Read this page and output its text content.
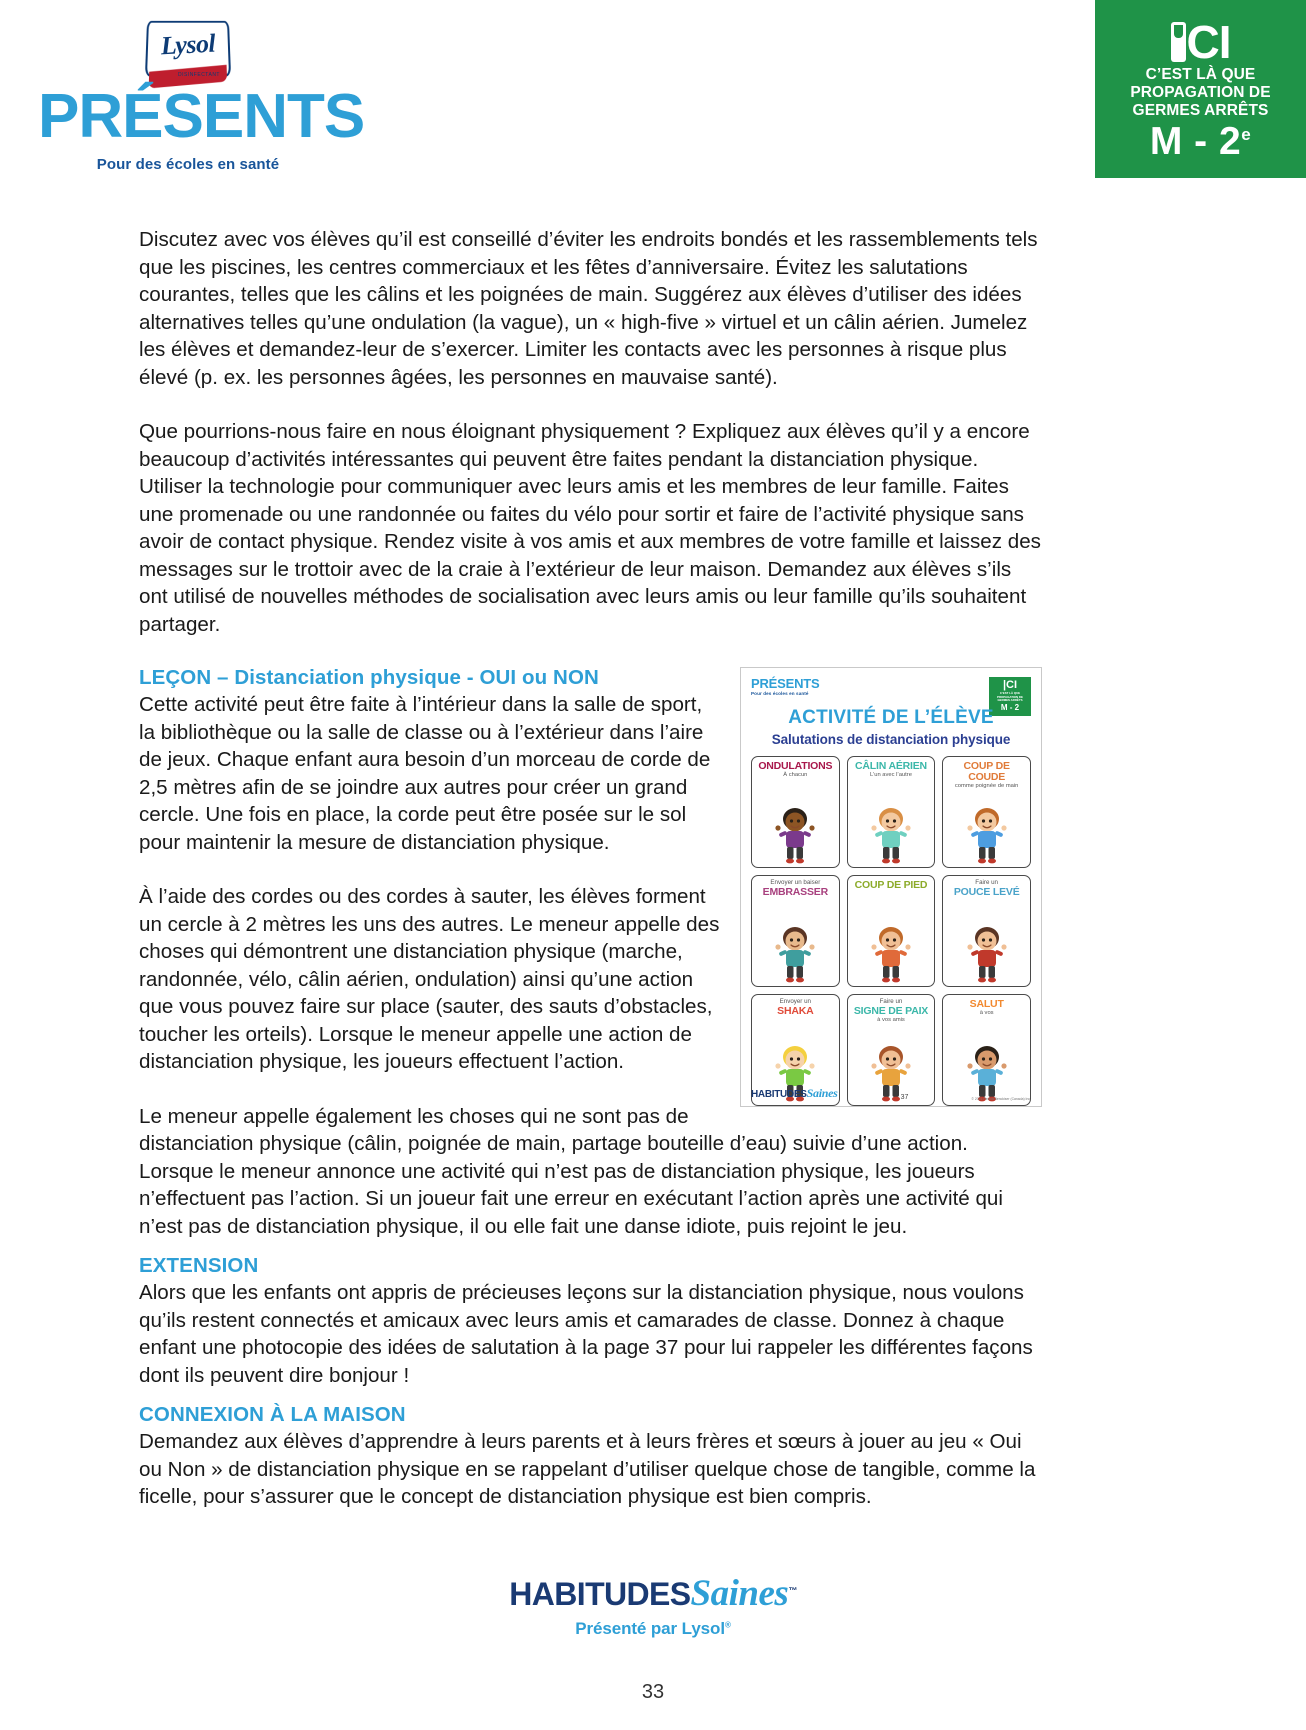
Lysol
DISINFECTANT
PRÉSENTS
Pour des écoles en santé
CI
C’EST LÀ QUE
PROPAGATION DE
GERMES ARRÊTS
M - 2e

Discutez avec vos élèves qu’il est conseillé d’éviter les endroits bondés et les rassemblements tels que les piscines, les centres commerciaux et les fêtes d’anniversaire. Évitez les salutations courantes, telles que les câlins et les poignées de main. Suggérez aux élèves d’utiliser des idées alternatives telles qu’une ondulation (la vague), un « high-five » virtuel et un câlin aérien. Jumelez les élèves et demandez-leur de s’exercer. Limiter les contacts avec les personnes à risque plus élevé (p. ex. les personnes âgées, les personnes en mauvaise santé).

Que pourrions-nous faire en nous éloignant physiquement ? Expliquez aux élèves qu’il y a encore beaucoup d’activités intéressantes qui peuvent être faites pendant la distanciation physique. Utiliser la technologie pour communiquer avec leurs amis et les membres de leur famille. Faites une promenade ou une randonnée ou faites du vélo pour sortir et faire de l’activité physique sans avoir de contact physique. Rendez visite à vos amis et aux membres de votre famille et laissez des messages sur le trottoir avec de la craie à l’extérieur de leur maison. Demandez aux élèves s’ils ont utilisé de nouvelles méthodes de socialisation avec leurs amis ou leur famille qu’ils souhaitent partager.

PRÉSENTS
Pour des écoles en santé
|CI
C’EST LÀ QUE
PROPAGATION DE
GERMES ARRÊTS
M - 2
ACTIVITÉ DE L’ÉLÈVE
Salutations de distanciation physique
ONDULATIONS
À chacun
CÂLIN AÉRIEN
L’un avec l’autre
COUP DE COUDE
comme poignée de main
Envoyer un baiser
EMBRASSER
COUP DE PIED	Faire un
POUCE LEVÉ
Envoyer un
SHAKA
Faire un
SIGNE DE PAIX
à vos amis
SALUT
à vos
HABITUDESSaines	37	© 2021 Reckitt Benckiser (Canada) Inc.
LEÇON – Distanciation physique - OUI ou NON

Cette activité peut être faite à l’intérieur dans la salle de sport, la bibliothèque ou la salle de classe ou à l’extérieur dans l’aire de jeux. Chaque enfant aura besoin d’un morceau de corde de 2,5 mètres afin de se joindre aux autres pour créer un grand cercle. Une fois en place, la corde peut être posée sur le sol pour maintenir la mesure de distanciation physique.

À l’aide des cordes ou des cordes à sauter, les élèves forment un cercle à 2 mètres les uns des autres. Le meneur appelle des choses qui démontrent une distanciation physique (marche, randonnée, vélo, câlin aérien, ondulation) ainsi qu’une action que vous pouvez faire sur place (sauter, des sauts d’obstacles, toucher les orteils). Lorsque le meneur appelle une action de distanciation physique, les joueurs effectuent l’action.

Le meneur appelle également les choses qui ne sont pas de distanciation physique (câlin, poignée de main, partage bouteille d’eau) suivie d’une action. Lorsque le meneur annonce une activité qui n’est pas de distanciation physique, les joueurs n’effectuent pas l’action. Si un joueur fait une erreur en exécutant l’action après une activité qui n’est pas de distanciation physique, il ou elle fait une danse idiote, puis rejoint le jeu.

EXTENSION

Alors que les enfants ont appris de précieuses leçons sur la distanciation physique, nous voulons qu’ils restent connectés et amicaux avec leurs amis et camarades de classe. Donnez à chaque enfant une photocopie des idées de salutation à la page 37 pour lui rappeler les différentes façons dont ils peuvent dire bonjour !

CONNEXION À LA MAISON

Demandez aux élèves d’apprendre à leurs parents et à leurs frères et sœurs à jouer au jeu « Oui ou Non » de distanciation physique en se rappelant d’utiliser quelque chose de tangible, comme la ficelle, pour s’assurer que le concept de distanciation physique est bien compris.

HABITUDESSaines™
Présenté par Lysol®
33
